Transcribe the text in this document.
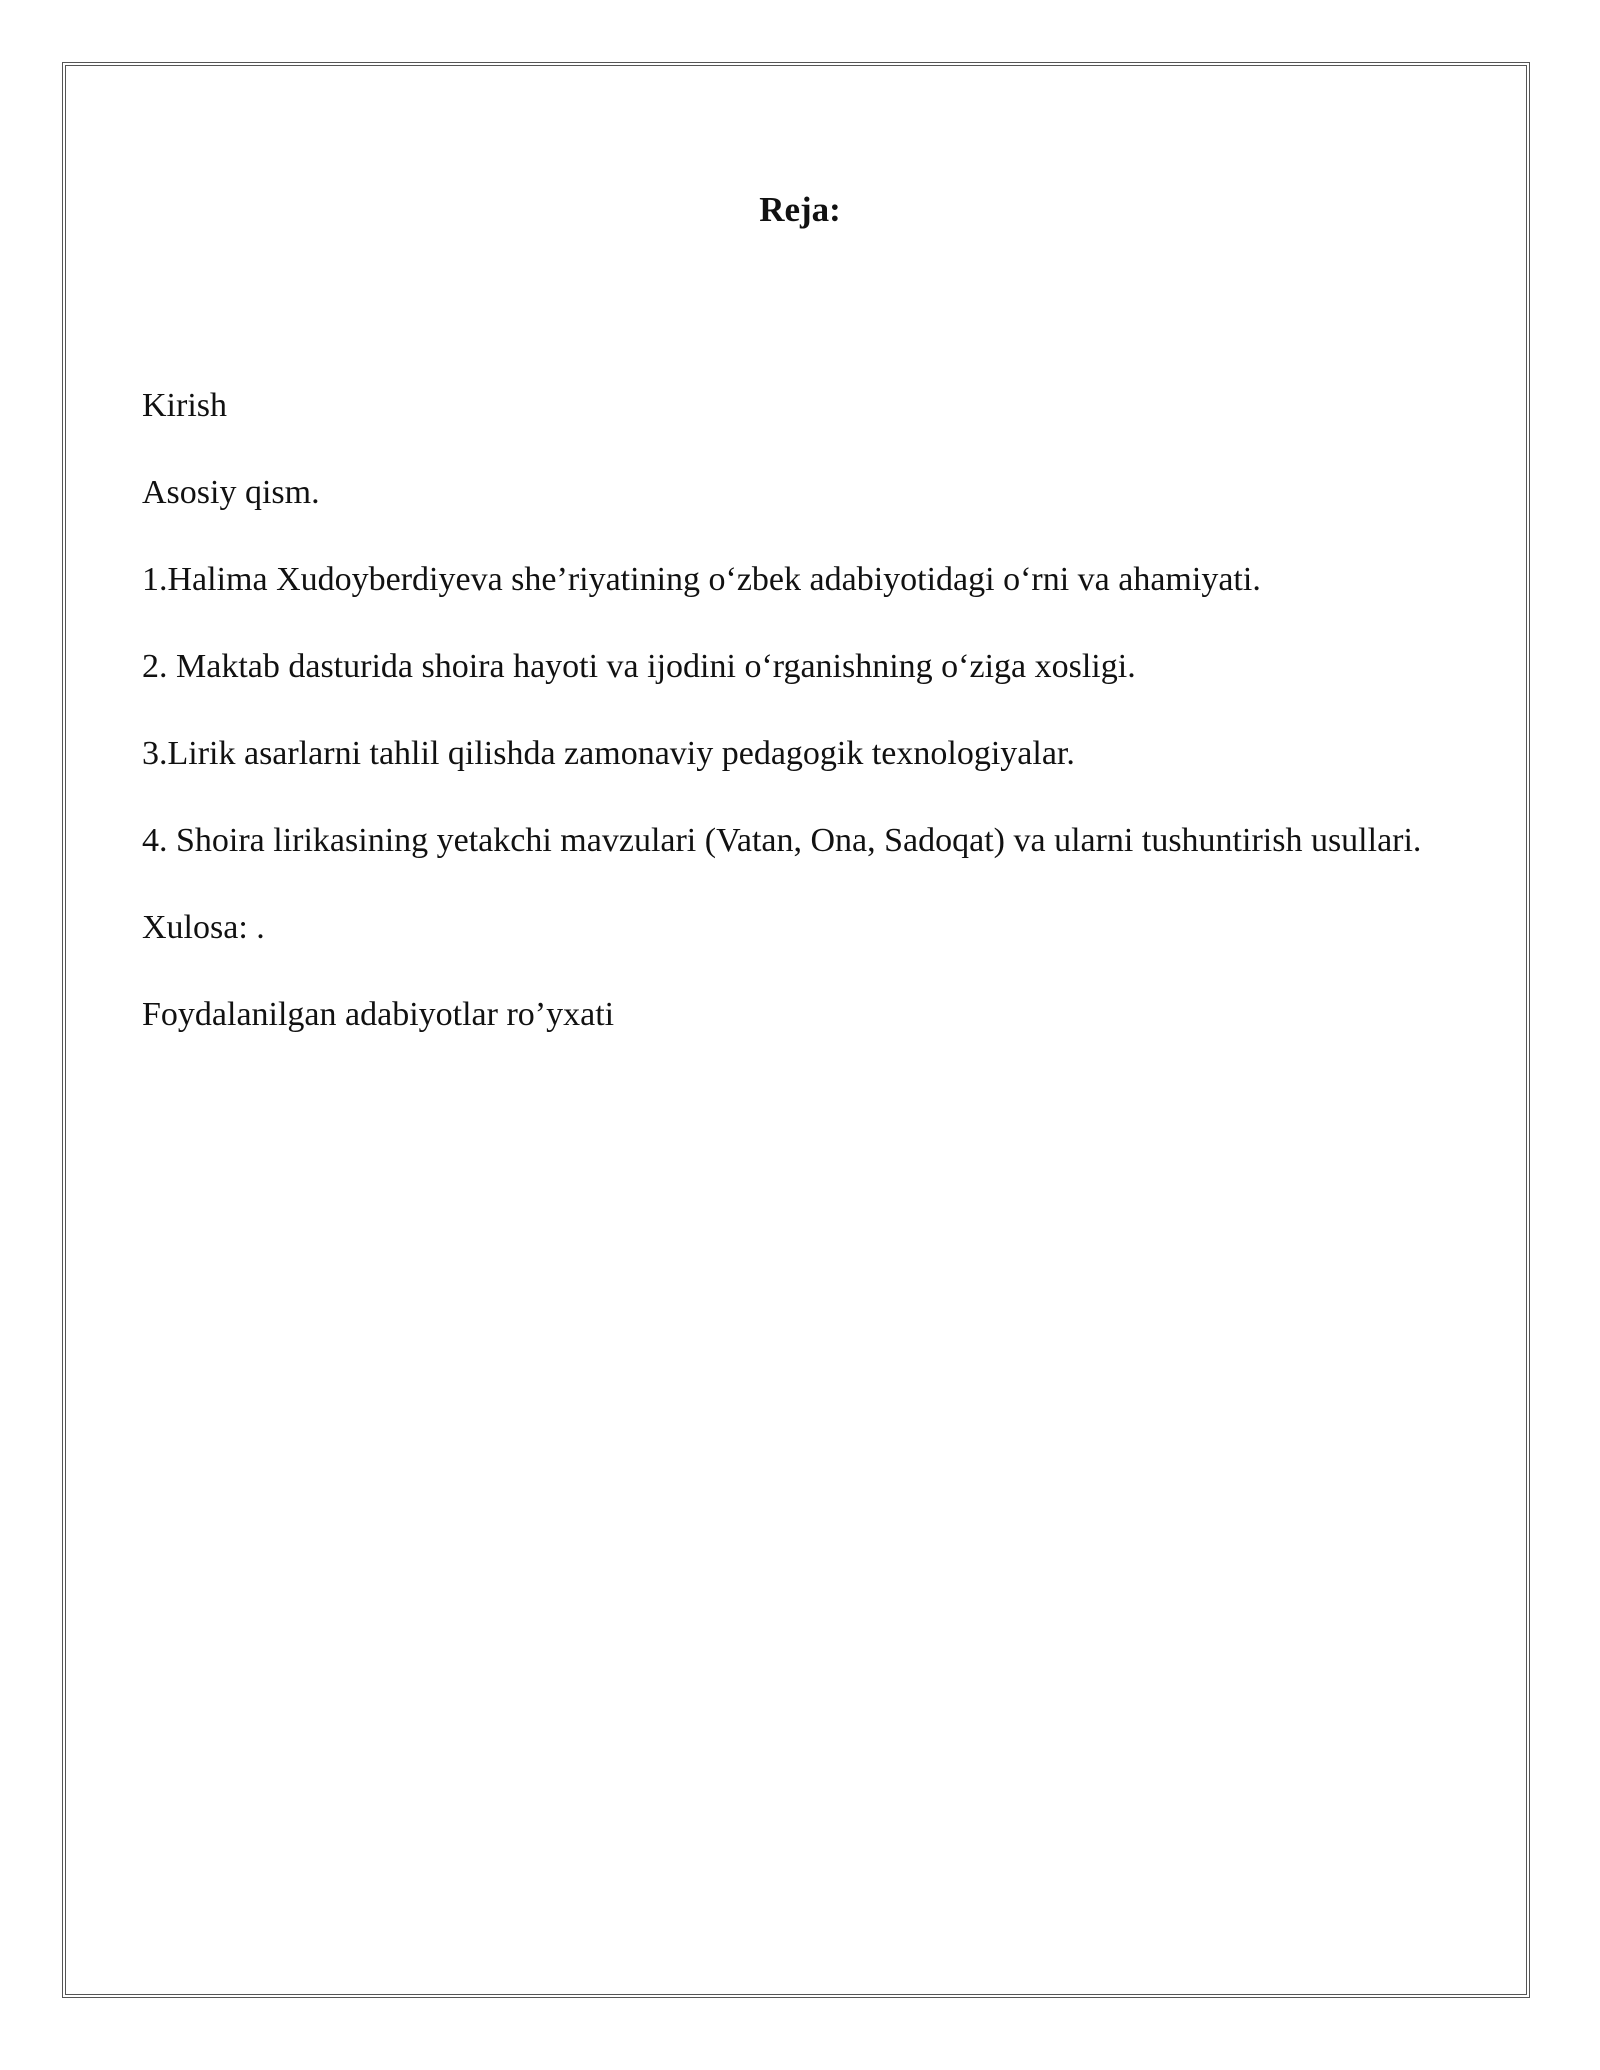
Reja:
Kirish
Asosiy qism.
1.Halima Xudoyberdiyeva she’riyatining o‘zbek adabiyotidagi o‘rni va ahamiyati.
2. Maktab dasturida shoira hayoti va ijodini o‘rganishning o‘ziga xosligi.
3.Lirik asarlarni tahlil qilishda zamonaviy pedagogik texnologiyalar.
4. Shoira lirikasining yetakchi mavzulari (Vatan, Ona, Sadoqat) va ularni tushuntirish usullari.
Xulosa: .
Foydalanilgan adabiyotlar ro’yxati
